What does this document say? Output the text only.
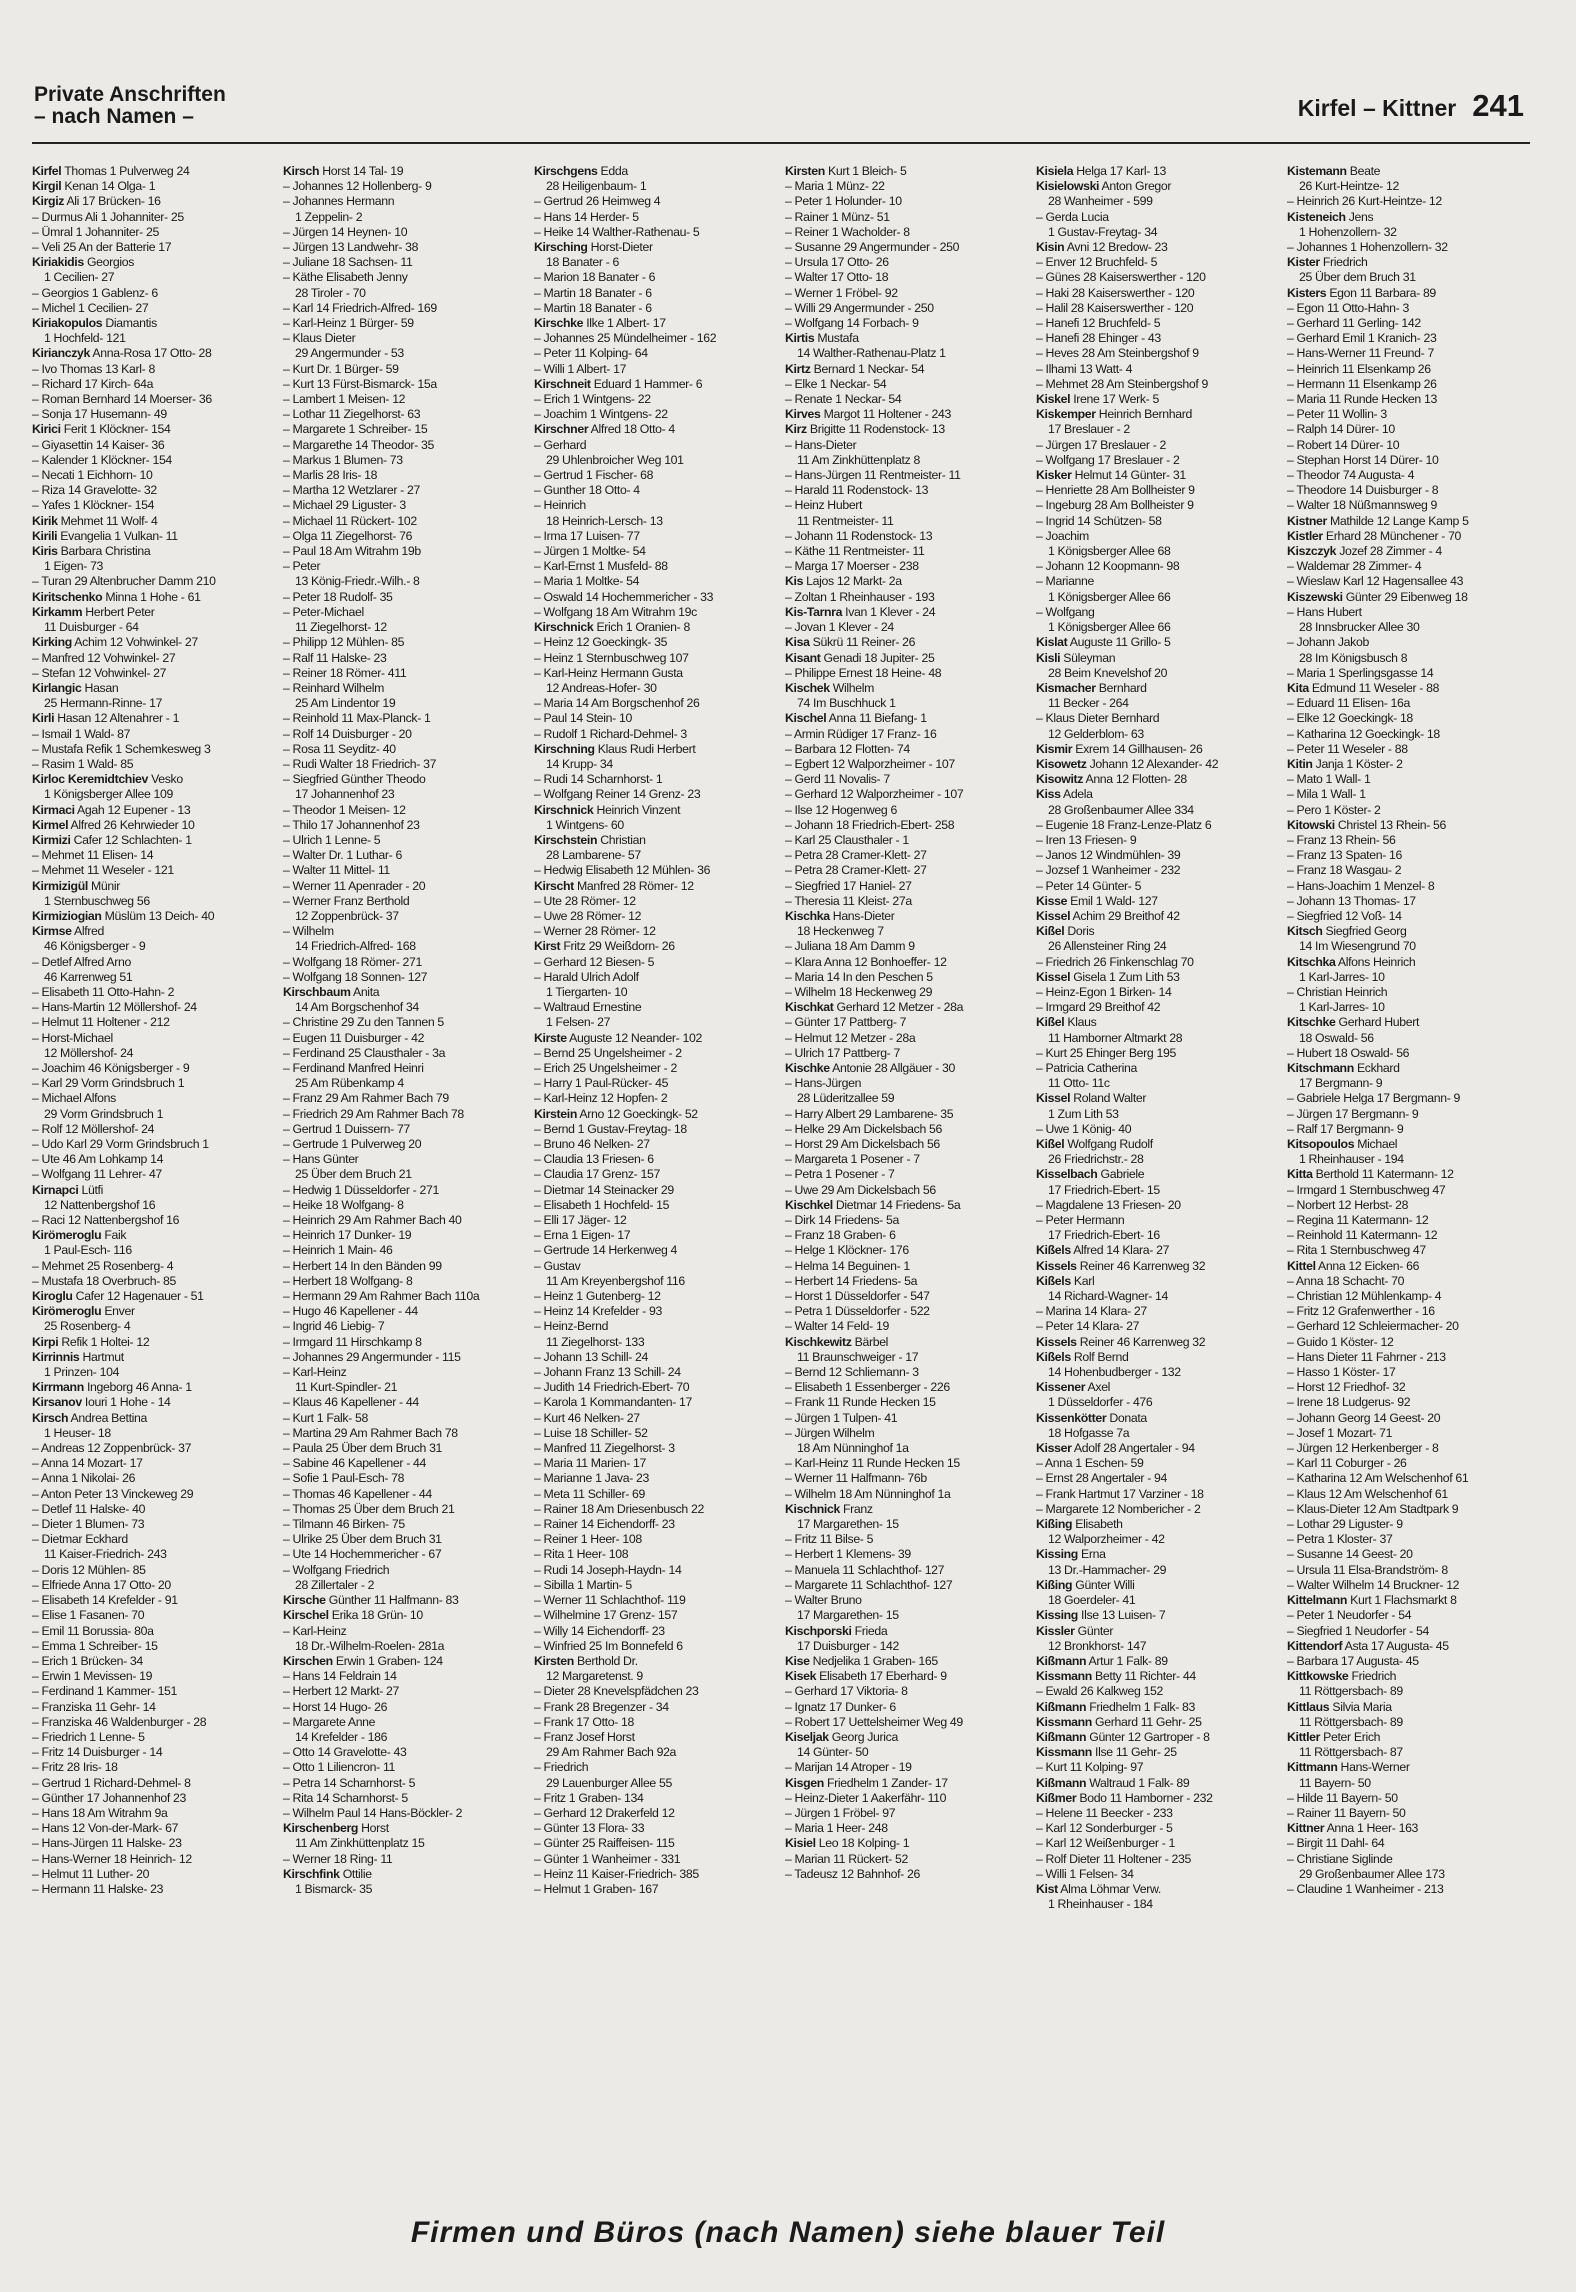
Private Anschriften
– nach Namen –	Kirfel – Kittner 241
Kirfel Thomas 1 Pulverweg 24
Kirgil Kenan 14 Olga- 1
Kirgiz Ali 17 Brücken- 16
– Durmus Ali 1 Johanniter- 25
– Ümral 1 Johanniter- 25
– Veli 25 An der Batterie 17
Kiriakidis Georgios
1 Cecilien- 27
– Georgios 1 Gablenz- 6
– Michel 1 Cecilien- 27
Kiriakopulos Diamantis
1 Hochfeld- 121
Kirianczyk Anna-Rosa 17 Otto- 28
– Ivo Thomas 13 Karl- 8
– Richard 17 Kirch- 64a
– Roman Bernhard 14 Moerser- 36
– Sonja 17 Husemann- 49
Kirici Ferit 1 Klöckner- 154
– Giyasettin 14 Kaiser- 36
– Kalender 1 Klöckner- 154
– Necati 1 Eichhorn- 10
– Riza 14 Gravelotte- 32
– Yafes 1 Klöckner- 154
Kirik Mehmet 11 Wolf- 4
Kirili Evangelia 1 Vulkan- 11
Kiris Barbara Christina
1 Eigen- 73
– Turan 29 Altenbrucher Damm 210
Kiritschenko Minna 1 Hohe - 61
Kirkamm Herbert Peter
11 Duisburger - 64
Kirking Achim 12 Vohwinkel- 27
– Manfred 12 Vohwinkel- 27
– Stefan 12 Vohwinkel- 27
Kirlangic Hasan
25 Hermann-Rinne- 17
Kirli Hasan 12 Altenahrer - 1
– Ismail 1 Wald- 87
– Mustafa Refik 1 Schemkesweg 3
– Rasim 1 Wald- 85
Kirloc Keremidtchiev Vesko
1 Königsberger Allee 109
Kirmaci Agah 12 Eupener - 13
Kirmel Alfred 26 Kehrwieder 10
Kirmizi Cafer 12 Schlachten- 1
– Mehmet 11 Elisen- 14
– Mehmet 11 Weseler - 121
Kirmizigül Münir
1 Sternbuschweg 56
Kirmiziogian Müslüm 13 Deich- 40
Kirmse Alfred
46 Königsberger - 9
– Detlef Alfred Arno
46 Karrenweg 51
– Elisabeth 11 Otto-Hahn- 2
– Hans-Martin 12 Möllershof- 24
– Helmut 11 Holtener - 212
– Horst-Michael
12 Möllershof- 24
– Joachim 46 Königsberger - 9
– Karl 29 Vorm Grindsbruch 1
– Michael Alfons
29 Vorm Grindsbruch 1
– Rolf 12 Möllershof- 24
– Udo Karl 29 Vorm Grindsbruch 1
– Ute 46 Am Lohkamp 14
– Wolfgang 11 Lehrer- 47
Kirnapci Lütfi
12 Nattenbergshof 16
– Raci 12 Nattenbergshof 16
Kirömeroglu Faik
1 Paul-Esch- 116
– Mehmet 25 Rosenberg- 4
– Mustafa 18 Overbruch- 85
Kiroglu Cafer 12 Hagenauer - 51
Kirömeroglu Enver
25 Rosenberg- 4
Kirpi Refik 1 Holtei- 12
Kirrinnis Hartmut
1 Prinzen- 104
Kirrmann Ingeborg 46 Anna- 1
Kirsanov Iouri 1 Hohe - 14
Kirsch Andrea Bettina
1 Heuser- 18
– Andreas 12 Zoppenbrück- 37
– Anna 14 Mozart- 17
– Anna 1 Nikolai- 26
– Anton Peter 13 Vinckeweg 29
– Detlef 11 Halske- 40
– Dieter 1 Blumen- 73
– Dietmar Eckhard
11 Kaiser-Friedrich- 243
– Doris 12 Mühlen- 85
– Elfriede Anna 17 Otto- 20
– Elisabeth 14 Krefelder - 91
– Elise 1 Fasanen- 70
– Emil 11 Borussia- 80a
– Emma 1 Schreiber- 15
– Erich 1 Brücken- 34
– Erwin 1 Mevissen- 19
– Ferdinand 1 Kammer- 151
– Franziska 11 Gehr- 14
– Franziska 46 Waldenburger - 28
– Friedrich 1 Lenne- 5
– Fritz 14 Duisburger - 14
– Fritz 28 Iris- 18
– Gertrud 1 Richard-Dehmel- 8
– Günther 17 Johannenhof 23
– Hans 18 Am Witrahm 9a
– Hans 12 Von-der-Mark- 67
– Hans-Jürgen 11 Halske- 23
– Hans-Werner 18 Heinrich- 12
– Helmut 11 Luther- 20
– Hermann 11 Halske- 23
Kirsch Horst 14 Tal- 19
– Johannes 12 Hollenberg- 9
– Johannes Hermann
1 Zeppelin- 2
– Jürgen 14 Heynen- 10
– Jürgen 13 Landwehr- 38
– Juliane 18 Sachsen- 11
– Käthe Elisabeth Jenny
28 Tiroler - 70
– Karl 14 Friedrich-Alfred- 169
– Karl-Heinz 1 Bürger- 59
– Klaus Dieter
29 Angermunder - 53
– Kurt Dr. 1 Bürger- 59
– Kurt 13 Fürst-Bismarck- 15a
– Lambert 1 Meisen- 12
– Lothar 11 Ziegelhorst- 63
– Margarete 1 Schreiber- 15
– Margarethe 14 Theodor- 35
– Markus 1 Blumen- 73
– Marlis 28 Iris- 18
– Martha 12 Wetzlarer - 27
– Michael 29 Liguster- 3
– Michael 11 Rückert- 102
– Olga 11 Ziegelhorst- 76
– Paul 18 Am Witrahm 19b
– Peter
13 König-Friedr.-Wilh.- 8
– Peter 18 Rudolf- 35
– Peter-Michael
11 Ziegelhorst- 12
– Philipp 12 Mühlen- 85
– Ralf 11 Halske- 23
– Reiner 18 Römer- 411
– Reinhard Wilhelm
25 Am Lindentor 19
– Reinhold 11 Max-Planck- 1
– Rolf 14 Duisburger - 20
– Rosa 11 Seyditz- 40
– Rudi Walter 18 Friedrich- 37
– Siegfried Günther Theodo
17 Johannenhof 23
– Theodor 1 Meisen- 12
– Thilo 17 Johannenhof 23
– Ulrich 1 Lenne- 5
– Walter Dr. 1 Luthar- 6
– Walter 11 Mittel- 11
– Werner 11 Apenrader - 20
– Werner Franz Berthold
12 Zoppenbrück- 37
– Wilhelm
14 Friedrich-Alfred- 168
– Wolfgang 18 Römer- 271
– Wolfgang 18 Sonnen- 127
Kirschbaum Anita
14 Am Borgschenhof 34
– Christine 29 Zu den Tannen 5
– Eugen 11 Duisburger - 42
– Ferdinand 25 Clausthaler - 3a
– Ferdinand Manfred Heinri
25 Am Rübenkamp 4
– Franz 29 Am Rahmer Bach 79
– Friedrich 29 Am Rahmer Bach 78
– Gertrud 1 Duissern- 77
– Gertrude 1 Pulverweg 20
– Hans Günter
25 Über dem Bruch 21
– Hedwig 1 Düsseldorfer - 271
– Heike 18 Wolfgang- 8
– Heinrich 29 Am Rahmer Bach 40
– Heinrich 17 Dunker- 19
– Heinrich 1 Main- 46
– Herbert 14 In den Bänden 99
– Herbert 18 Wolfgang- 8
– Hermann 29 Am Rahmer Bach 110a
– Hugo 46 Kapellener - 44
– Ingrid 46 Liebig- 7
– Irmgard 11 Hirschkamp 8
– Johannes 29 Angermunder - 115
– Karl-Heinz
11 Kurt-Spindler- 21
– Klaus 46 Kapellener - 44
– Kurt 1 Falk- 58
– Martina 29 Am Rahmer Bach 78
– Paula 25 Über dem Bruch 31
– Sabine 46 Kapellener - 44
– Sofie 1 Paul-Esch- 78
– Thomas 46 Kapellener - 44
– Thomas 25 Über dem Bruch 21
– Tilmann 46 Birken- 75
– Ulrike 25 Über dem Bruch 31
– Ute 14 Hochemmericher - 67
– Wolfgang Friedrich
28 Zillertaler - 2
Kirsche Günther 11 Halfmann- 83
Kirschel Erika 18 Grün- 10
– Karl-Heinz
18 Dr.-Wilhelm-Roelen- 281a
Kirschen Erwin 1 Graben- 124
– Hans 14 Feldrain 14
– Herbert 12 Markt- 27
– Horst 14 Hugo- 26
– Margarete Anne
14 Krefelder - 186
– Otto 14 Gravelotte- 43
– Otto 1 Liliencron- 11
– Petra 14 Scharnhorst- 5
– Rita 14 Scharnhorst- 5
– Wilhelm Paul 14 Hans-Böckler- 2
Kirschenberg Horst
11 Am Zinkhüttenplatz 15
– Werner 18 Ring- 11
Kirschfink Ottilie
1 Bismarck- 35
Kirschgens Edda
28 Heiligenbaum- 1
– Gertrud 26 Heimweg 4
– Hans 14 Herder- 5
– Heike 14 Walther-Rathenau- 5
Kirsching Horst-Dieter
18 Banater - 6
– Marion 18 Banater - 6
– Martin 18 Banater - 6
– Martin 18 Banater - 6
Kirschke Ilke 1 Albert- 17
– Johannes 25 Mündelheimer - 162
– Peter 11 Kolping- 64
– Willi 1 Albert- 17
Kirschneit Eduard 1 Hammer- 6
– Erich 1 Wintgens- 22
– Joachim 1 Wintgens- 22
Kirschner Alfred 18 Otto- 4
– Gerhard
29 Uhlenbroicher Weg 101
– Gertrud 1 Fischer- 68
– Gunther 18 Otto- 4
– Heinrich
18 Heinrich-Lersch- 13
– Irma 17 Luisen- 77
– Jürgen 1 Moltke- 54
– Karl-Ernst 1 Musfeld- 88
– Maria 1 Moltke- 54
– Oswald 14 Hochemmericher - 33
– Wolfgang 18 Am Witrahm 19c
Kirschnick Erich 1 Oranien- 8
– Heinz 12 Goeckingk- 35
– Heinz 1 Sternbuschweg 107
– Karl-Heinz Hermann Gusta
12 Andreas-Hofer- 30
– Maria 14 Am Borgschenhof 26
– Paul 14 Stein- 10
– Rudolf 1 Richard-Dehmel- 3
Kirschning Klaus Rudi Herbert
14 Krupp- 34
– Rudi 14 Scharnhorst- 1
– Wolfgang Reiner 14 Grenz- 23
Kirschnick Heinrich Vinzent
1 Wintgens- 60
Kirschstein Christian
28 Lambarene- 57
– Hedwig Elisabeth 12 Mühlen- 36
Kirscht Manfred 28 Römer- 12
– Ute 28 Römer- 12
– Uwe 28 Römer- 12
– Werner 28 Römer- 12
Kirst Fritz 29 Weißdorn- 26
– Gerhard 12 Biesen- 5
– Harald Ulrich Adolf
1 Tiergarten- 10
– Waltraud Ernestine
1 Felsen- 27
Kirste Auguste 12 Neander- 102
– Bernd 25 Ungelsheimer - 2
– Erich 25 Ungelsheimer - 2
– Harry 1 Paul-Rücker- 45
– Karl-Heinz 12 Hopfen- 2
Kirstein Arno 12 Goeckingk- 52
– Bernd 1 Gustav-Freytag- 18
– Bruno 46 Nelken- 27
– Claudia 13 Friesen- 6
– Claudia 17 Grenz- 157
– Dietmar 14 Steinacker 29
– Elisabeth 1 Hochfeld- 15
– Elli 17 Jäger- 12
– Erna 1 Eigen- 17
– Gertrude 14 Herkenweg 4
– Gustav
11 Am Kreyenbergshof 116
– Heinz 1 Gutenberg- 12
– Heinz 14 Krefelder - 93
– Heinz-Bernd
11 Ziegelhorst- 133
– Johann 13 Schill- 24
– Johann Franz 13 Schill- 24
– Judith 14 Friedrich-Ebert- 70
– Karola 1 Kommandanten- 17
– Kurt 46 Nelken- 27
– Luise 18 Schiller- 52
– Manfred 11 Ziegelhorst- 3
– Maria 11 Marien- 17
– Marianne 1 Java- 23
– Meta 11 Schiller- 69
– Rainer 18 Am Driesenbusch 22
– Rainer 14 Eichendorff- 23
– Reiner 1 Heer- 108
– Rita 1 Heer- 108
– Rudi 14 Joseph-Haydn- 14
– Sibilla 1 Martin- 5
– Werner 11 Schlachthof- 119
– Wilhelmine 17 Grenz- 157
– Willy 14 Eichendorff- 23
– Winfried 25 Im Bonnefeld 6
Kirsten Berthold Dr.
12 Margaretenst. 9
– Dieter 28 Knevelspfädchen 23
– Frank 28 Bregenzer - 34
– Frank 17 Otto- 18
– Franz Josef Horst
29 Am Rahmer Bach 92a
– Friedrich
29 Lauenburger Allee 55
– Fritz 1 Graben- 134
– Gerhard 12 Drakerfeld 12
– Günter 13 Flora- 33
– Günter 25 Raiffeisen- 115
– Günter 1 Wanheimer - 331
– Heinz 11 Kaiser-Friedrich- 385
– Helmut 1 Graben- 167
Kirsten Kurt 1 Bleich- 5
– Maria 1 Münz- 22
– Peter 1 Holunder- 10
– Rainer 1 Münz- 51
– Reiner 1 Wacholder- 8
– Susanne 29 Angermunder - 250
– Ursula 17 Otto- 26
– Walter 17 Otto- 18
– Werner 1 Fröbel- 92
– Willi 29 Angermunder - 250
– Wolfgang 14 Forbach- 9
Kirtis Mustafa
14 Walther-Rathenau-Platz 1
Kirtz Bernard 1 Neckar- 54
– Elke 1 Neckar- 54
– Renate 1 Neckar- 54
Kirves Margot 11 Holtener - 243
Kirz Brigitte 11 Rodenstock- 13
– Hans-Dieter
11 Am Zinkhüttenplatz 8
– Hans-Jürgen 11 Rentmeister- 11
– Harald 11 Rodenstock- 13
– Heinz Hubert
11 Rentmeister- 11
– Johann 11 Rodenstock- 13
– Käthe 11 Rentmeister- 11
– Marga 17 Moerser - 238
Kis Lajos 12 Markt- 2a
– Zoltan 1 Rheinhauser - 193
Kis-Tarnra Ivan 1 Klever - 24
– Jovan 1 Klever - 24
Kisa Sükrü 11 Reiner- 26
Kisant Genadi 18 Jupiter- 25
– Philippe Ernest 18 Heine- 48
Kischek Wilhelm
74 Im Buschhuck 1
Kischel Anna 11 Biefang- 1
– Armin Rüdiger 17 Franz- 16
– Barbara 12 Flotten- 74
– Egbert 12 Walporzheimer - 107
– Gerd 11 Novalis- 7
– Gerhard 12 Walporzheimer - 107
– Ilse 12 Hogenweg 6
– Johann 18 Friedrich-Ebert- 258
– Karl 25 Clausthaler - 1
– Petra 28 Cramer-Klett- 27
– Petra 28 Cramer-Klett- 27
– Siegfried 17 Haniel- 27
– Theresia 11 Kleist- 27a
Kischka Hans-Dieter
18 Heckenweg 7
– Juliana 18 Am Damm 9
– Klara Anna 12 Bonhoeffer- 12
– Maria 14 In den Peschen 5
– Wilhelm 18 Heckenweg 29
Kischkat Gerhard 12 Metzer - 28a
– Günter 17 Pattberg- 7
– Helmut 12 Metzer - 28a
– Ulrich 17 Pattberg- 7
Kischke Antonie 28 Allgäuer - 30
– Hans-Jürgen
28 Lüderitzallee 59
– Harry Albert 29 Lambarene- 35
– Helke 29 Am Dickelsbach 56
– Horst 29 Am Dickelsbach 56
– Margareta 1 Posener - 7
– Petra 1 Posener - 7
– Uwe 29 Am Dickelsbach 56
Kischkel Dietmar 14 Friedens- 5a
– Dirk 14 Friedens- 5a
– Franz 18 Graben- 6
– Helge 1 Klöckner- 176
– Helma 14 Beguinen- 1
– Herbert 14 Friedens- 5a
– Horst 1 Düsseldorfer - 547
– Petra 1 Düsseldorfer - 522
– Walter 14 Feld- 19
Kischkewitz Bärbel
11 Braunschweiger - 17
– Bernd 12 Schliemann- 3
– Elisabeth 1 Essenberger - 226
– Frank 11 Runde Hecken 15
– Jürgen 1 Tulpen- 41
– Jürgen Wilhelm
18 Am Nünninghof 1a
– Karl-Heinz 11 Runde Hecken 15
– Werner 11 Halfmann- 76b
– Wilhelm 18 Am Nünninghof 1a
Kischnick Franz
17 Margarethen- 15
– Fritz 11 Bilse- 5
– Herbert 1 Klemens- 39
– Manuela 11 Schlachthof- 127
– Margarete 11 Schlachthof- 127
– Walter Bruno
17 Margarethen- 15
Kischporski Frieda
17 Duisburger - 142
Kise Nedjelika 1 Graben- 165
Kisek Elisabeth 17 Eberhard- 9
– Gerhard 17 Viktoria- 8
– Ignatz 17 Dunker- 6
– Robert 17 Uettelsheimer Weg 49
Kiseljak Georg Jurica
14 Günter- 50
– Marijan 14 Atroper - 19
Kisgen Friedhelm 1 Zander- 17
– Heinz-Dieter 1 Aakerfähr- 110
– Jürgen 1 Fröbel- 97
– Maria 1 Heer- 248
Kisiel Leo 18 Kolping- 1
– Marian 11 Rückert- 52
– Tadeusz 12 Bahnhof- 26
Kisiela Helga 17 Karl- 13
Kisielowski Anton Gregor
28 Wanheimer - 599
– Gerda Lucia
1 Gustav-Freytag- 34
Kisin Avni 12 Bredow- 23
– Enver 12 Bruchfeld- 5
– Günes 28 Kaiserswerther - 120
– Haki 28 Kaiserswerther - 120
– Halil 28 Kaiserswerther - 120
– Hanefi 12 Bruchfeld- 5
– Hanefi 28 Ehinger - 43
– Heves 28 Am Steinbergshof 9
– Ilhami 13 Watt- 4
– Mehmet 28 Am Steinbergshof 9
Kiskel Irene 17 Werk- 5
Kiskemper Heinrich Bernhard
17 Breslauer - 2
– Jürgen 17 Breslauer - 2
– Wolfgang 17 Breslauer - 2
Kisker Helmut 14 Günter- 31
– Henriette 28 Am Bollheister 9
– Ingeburg 28 Am Bollheister 9
– Ingrid 14 Schützen- 58
– Joachim
1 Königsberger Allee 68
– Johann 12 Koopmann- 98
– Marianne
1 Königsberger Allee 66
– Wolfgang
1 Königsberger Allee 66
Kislat Auguste 11 Grillo- 5
Kisli Süleyman
28 Beim Knevelshof 20
Kismacher Bernhard
11 Becker - 264
– Klaus Dieter Bernhard
12 Gelderblom- 63
Kismir Exrem 14 Gillhausen- 26
Kisowetz Johann 12 Alexander- 42
Kisowitz Anna 12 Flotten- 28
Kiss Adela
28 Großenbaumer Allee 334
– Eugenie 18 Franz-Lenze-Platz 6
– Iren 13 Friesen- 9
– Janos 12 Windmühlen- 39
– Jozsef 1 Wanheimer - 232
– Peter 14 Günter- 5
Kisse Emil 1 Wald- 127
Kissel Achim 29 Breithof 42
Kißel Doris
26 Allensteiner Ring 24
– Friedrich 26 Finkenschlag 70
Kissel Gisela 1 Zum Lith 53
– Heinz-Egon 1 Birken- 14
– Irmgard 29 Breithof 42
Kißel Klaus
11 Hamborner Altmarkt 28
– Kurt 25 Ehinger Berg 195
– Patricia Catherina
11 Otto- 11c
Kissel Roland Walter
1 Zum Lith 53
– Uwe 1 König- 40
Kißel Wolfgang Rudolf
26 Friedrichstr.- 28
Kisselbach Gabriele
17 Friedrich-Ebert- 15
– Magdalene 13 Friesen- 20
– Peter Hermann
17 Friedrich-Ebert- 16
Kißels Alfred 14 Klara- 27
Kissels Reiner 46 Karrenweg 32
Kißels Karl
14 Richard-Wagner- 14
– Marina 14 Klara- 27
– Peter 14 Klara- 27
Kissels Reiner 46 Karrenweg 32
Kißels Rolf Bernd
14 Hohenbudberger - 132
Kissener Axel
1 Düsseldorfer - 476
Kissenkötter Donata
18 Hofgasse 7a
Kisser Adolf 28 Angertaler - 94
– Anna 1 Eschen- 59
– Ernst 28 Angertaler - 94
– Frank Hartmut 17 Varziner - 18
– Margarete 12 Nombericher - 2
Kißing Elisabeth
12 Walporzheimer - 42
Kissing Erna
13 Dr.-Hammacher- 29
Kißing Günter Willi
18 Goerdeler- 41
Kissing Ilse 13 Luisen- 7
Kissler Günter
12 Bronkhorst- 147
Kißmann Artur 1 Falk- 89
Kissmann Betty 11 Richter- 44
– Ewald 26 Kalkweg 152
Kißmann Friedhelm 1 Falk- 83
Kissmann Gerhard 11 Gehr- 25
Kißmann Günter 12 Gartroper - 8
Kissmann Ilse 11 Gehr- 25
– Kurt 11 Kolping- 97
Kißmann Waltraud 1 Falk- 89
Kißmer Bodo 11 Hamborner - 232
– Helene 11 Beecker - 233
– Karl 12 Sonderburger - 5
– Karl 12 Weißenburger - 1
– Rolf Dieter 11 Holtener - 235
– Willi 1 Felsen- 34
Kist Alma Löhmar Verw.
1 Rheinhauser - 184
Kistemann Beate
26 Kurt-Heintze- 12
– Heinrich 26 Kurt-Heintze- 12
Kisteneich Jens
1 Hohenzollern- 32
– Johannes 1 Hohenzollern- 32
Kister Friedrich
25 Über dem Bruch 31
Kisters Egon 11 Barbara- 89
– Egon 11 Otto-Hahn- 3
– Gerhard 11 Gerling- 142
– Gerhard Emil 1 Kranich- 23
– Hans-Werner 11 Freund- 7
– Heinrich 11 Elsenkamp 26
– Hermann 11 Elsenkamp 26
– Maria 11 Runde Hecken 13
– Peter 11 Wollin- 3
– Ralph 14 Dürer- 10
– Robert 14 Dürer- 10
– Stephan Horst 14 Dürer- 10
– Theodor 74 Augusta- 4
– Theodore 14 Duisburger - 8
– Walter 18 Nüßmannsweg 9
Kistner Mathilde 12 Lange Kamp 5
Kistler Erhard 28 Münchener - 70
Kiszczyk Jozef 28 Zimmer - 4
– Waldemar 28 Zimmer- 4
– Wieslaw Karl 12 Hagensallee 43
Kiszewski Günter 29 Eibenweg 18
– Hans Hubert
28 Innsbrucker Allee 30
– Johann Jakob
28 Im Königsbusch 8
– Maria 1 Sperlingsgasse 14
Kita Edmund 11 Weseler - 88
– Eduard 11 Elisen- 16a
– Elke 12 Goeckingk- 18
– Katharina 12 Goeckingk- 18
– Peter 11 Weseler - 88
Kitin Janja 1 Köster- 2
– Mato 1 Wall- 1
– Mila 1 Wall- 1
– Pero 1 Köster- 2
Kitowski Christel 13 Rhein- 56
– Franz 13 Rhein- 56
– Franz 13 Spaten- 16
– Franz 18 Wasgau- 2
– Hans-Joachim 1 Menzel- 8
– Johann 13 Thomas- 17
– Siegfried 12 Voß- 14
Kitsch Siegfried Georg
14 Im Wiesengrund 70
Kitschka Alfons Heinrich
1 Karl-Jarres- 10
– Christian Heinrich
1 Karl-Jarres- 10
Kitschke Gerhard Hubert
18 Oswald- 56
– Hubert 18 Oswald- 56
Kitschmann Eckhard
17 Bergmann- 9
– Gabriele Helga 17 Bergmann- 9
– Jürgen 17 Bergmann- 9
– Ralf 17 Bergmann- 9
Kitsopoulos Michael
1 Rheinhauser - 194
Kitta Berthold 11 Katermann- 12
– Irmgard 1 Sternbuschweg 47
– Norbert 12 Herbst- 28
– Regina 11 Katermann- 12
– Reinhold 11 Katermann- 12
– Rita 1 Sternbuschweg 47
Kittel Anna 12 Eicken- 66
– Anna 18 Schacht- 70
– Christian 12 Mühlenkamp- 4
– Fritz 12 Grafenwerther - 16
– Gerhard 12 Schleiermacher- 20
– Guido 1 Köster- 12
– Hans Dieter 11 Fahrner - 213
– Hasso 1 Köster- 17
– Horst 12 Friedhof- 32
– Irene 18 Ludgerus- 92
– Johann Georg 14 Geest- 20
– Josef 1 Mozart- 71
– Jürgen 12 Herkenberger - 8
– Karl 11 Coburger - 26
– Katharina 12 Am Welschenhof 61
– Klaus 12 Am Welschenhof 61
– Klaus-Dieter 12 Am Stadtpark 9
– Lothar 29 Liguster- 9
– Petra 1 Kloster- 37
– Susanne 14 Geest- 20
– Ursula 11 Elsa-Brandström- 8
– Walter Wilhelm 14 Bruckner- 12
Kittelmann Kurt 1 Flachsmarkt 8
– Peter 1 Neudorfer - 54
– Siegfried 1 Neudorfer - 54
Kittendorf Asta 17 Augusta- 45
– Barbara 17 Augusta- 45
Kittkowske Friedrich
11 Röttgersbach- 89
Kittlaus Silvia Maria
11 Röttgersbach- 89
Kittler Peter Erich
11 Röttgersbach- 87
Kittmann Hans-Werner
11 Bayern- 50
– Hilde 11 Bayern- 50
– Rainer 11 Bayern- 50
Kittner Anna 1 Heer- 163
– Birgit 11 Dahl- 64
– Christiane Siglinde
29 Großenbaumer Allee 173
– Claudine 1 Wanheimer - 213
Firmen und Büros (nach Namen) siehe blauer Teil
